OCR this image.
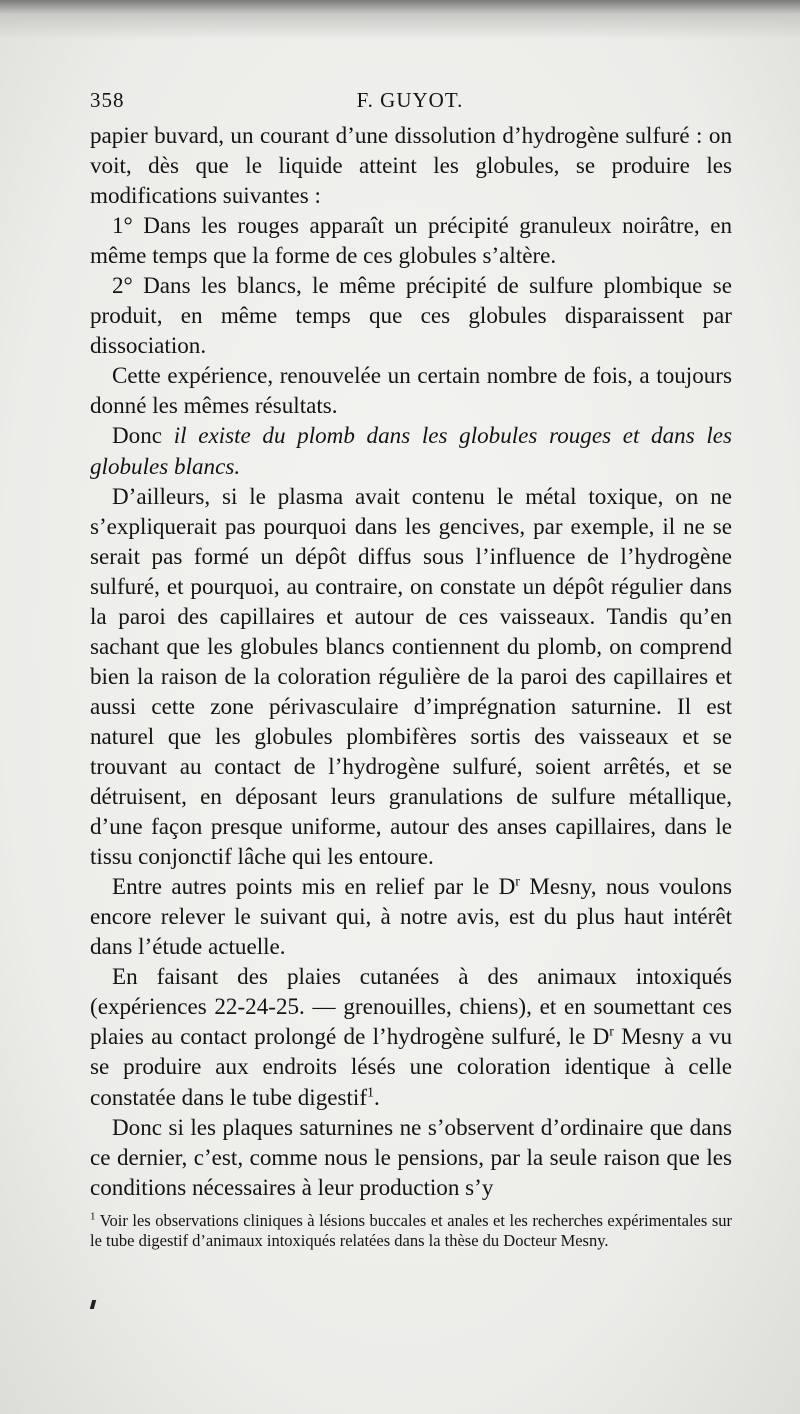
358	F. GUYOT.

papier buvard, un courant d’une dissolution d’hydrogène sulfuré : on voit, dès que le liquide atteint les globules, se produire les modifications suivantes :

1° Dans les rouges apparaît un précipité granuleux noirâtre, en même temps que la forme de ces globules s’altère.

2° Dans les blancs, le même précipité de sulfure plombique se produit, en même temps que ces globules disparaissent par dissociation.

Cette expérience, renouvelée un certain nombre de fois, a toujours donné les mêmes résultats.

Donc il existe du plomb dans les globules rouges et dans les globules blancs.

D’ailleurs, si le plasma avait contenu le métal toxique, on ne s’expliquerait pas pourquoi dans les gencives, par exemple, il ne se serait pas formé un dépôt diffus sous l’influence de l’hydrogène sulfuré, et pourquoi, au contraire, on constate un dépôt régulier dans la paroi des capillaires et autour de ces vaisseaux. Tandis qu’en sachant que les globules blancs contiennent du plomb, on comprend bien la raison de la coloration régulière de la paroi des capillaires et aussi cette zone périvasculaire d’imprégnation saturnine. Il est naturel que les globules plombifères sortis des vaisseaux et se trouvant au contact de l’hydrogène sulfuré, soient arrêtés, et se détruisent, en déposant leurs granulations de sulfure métallique, d’une façon presque uniforme, autour des anses capillaires, dans le tissu conjonctif lâche qui les entoure.

Entre autres points mis en relief par le $D^r$ Mesny, nous voulons encore relever le suivant qui, à notre avis, est du plus haut intérêt dans l’étude actuelle.

En faisant des plaies cutanées à des animaux intoxiqués (expériences 22-24-25. — grenouilles, chiens), et en soumettant ces plaies au contact prolongé de l’hydrogène sulfuré, le $D^r$ Mesny a vu se produire aux endroits lésés une coloration identique à celle constatée dans le tube digestif$^1$.

Donc si les plaques saturnines ne s’observent d’ordinaire que dans ce dernier, c’est, comme nous le pensions, par la seule raison que les conditions nécessaires à leur production s’y

$^1$ Voir les observations cliniques à lésions buccales et anales et les recherches expérimentales sur le tube digestif d’animaux intoxiqués relatées dans la thèse du Docteur Mesny.
